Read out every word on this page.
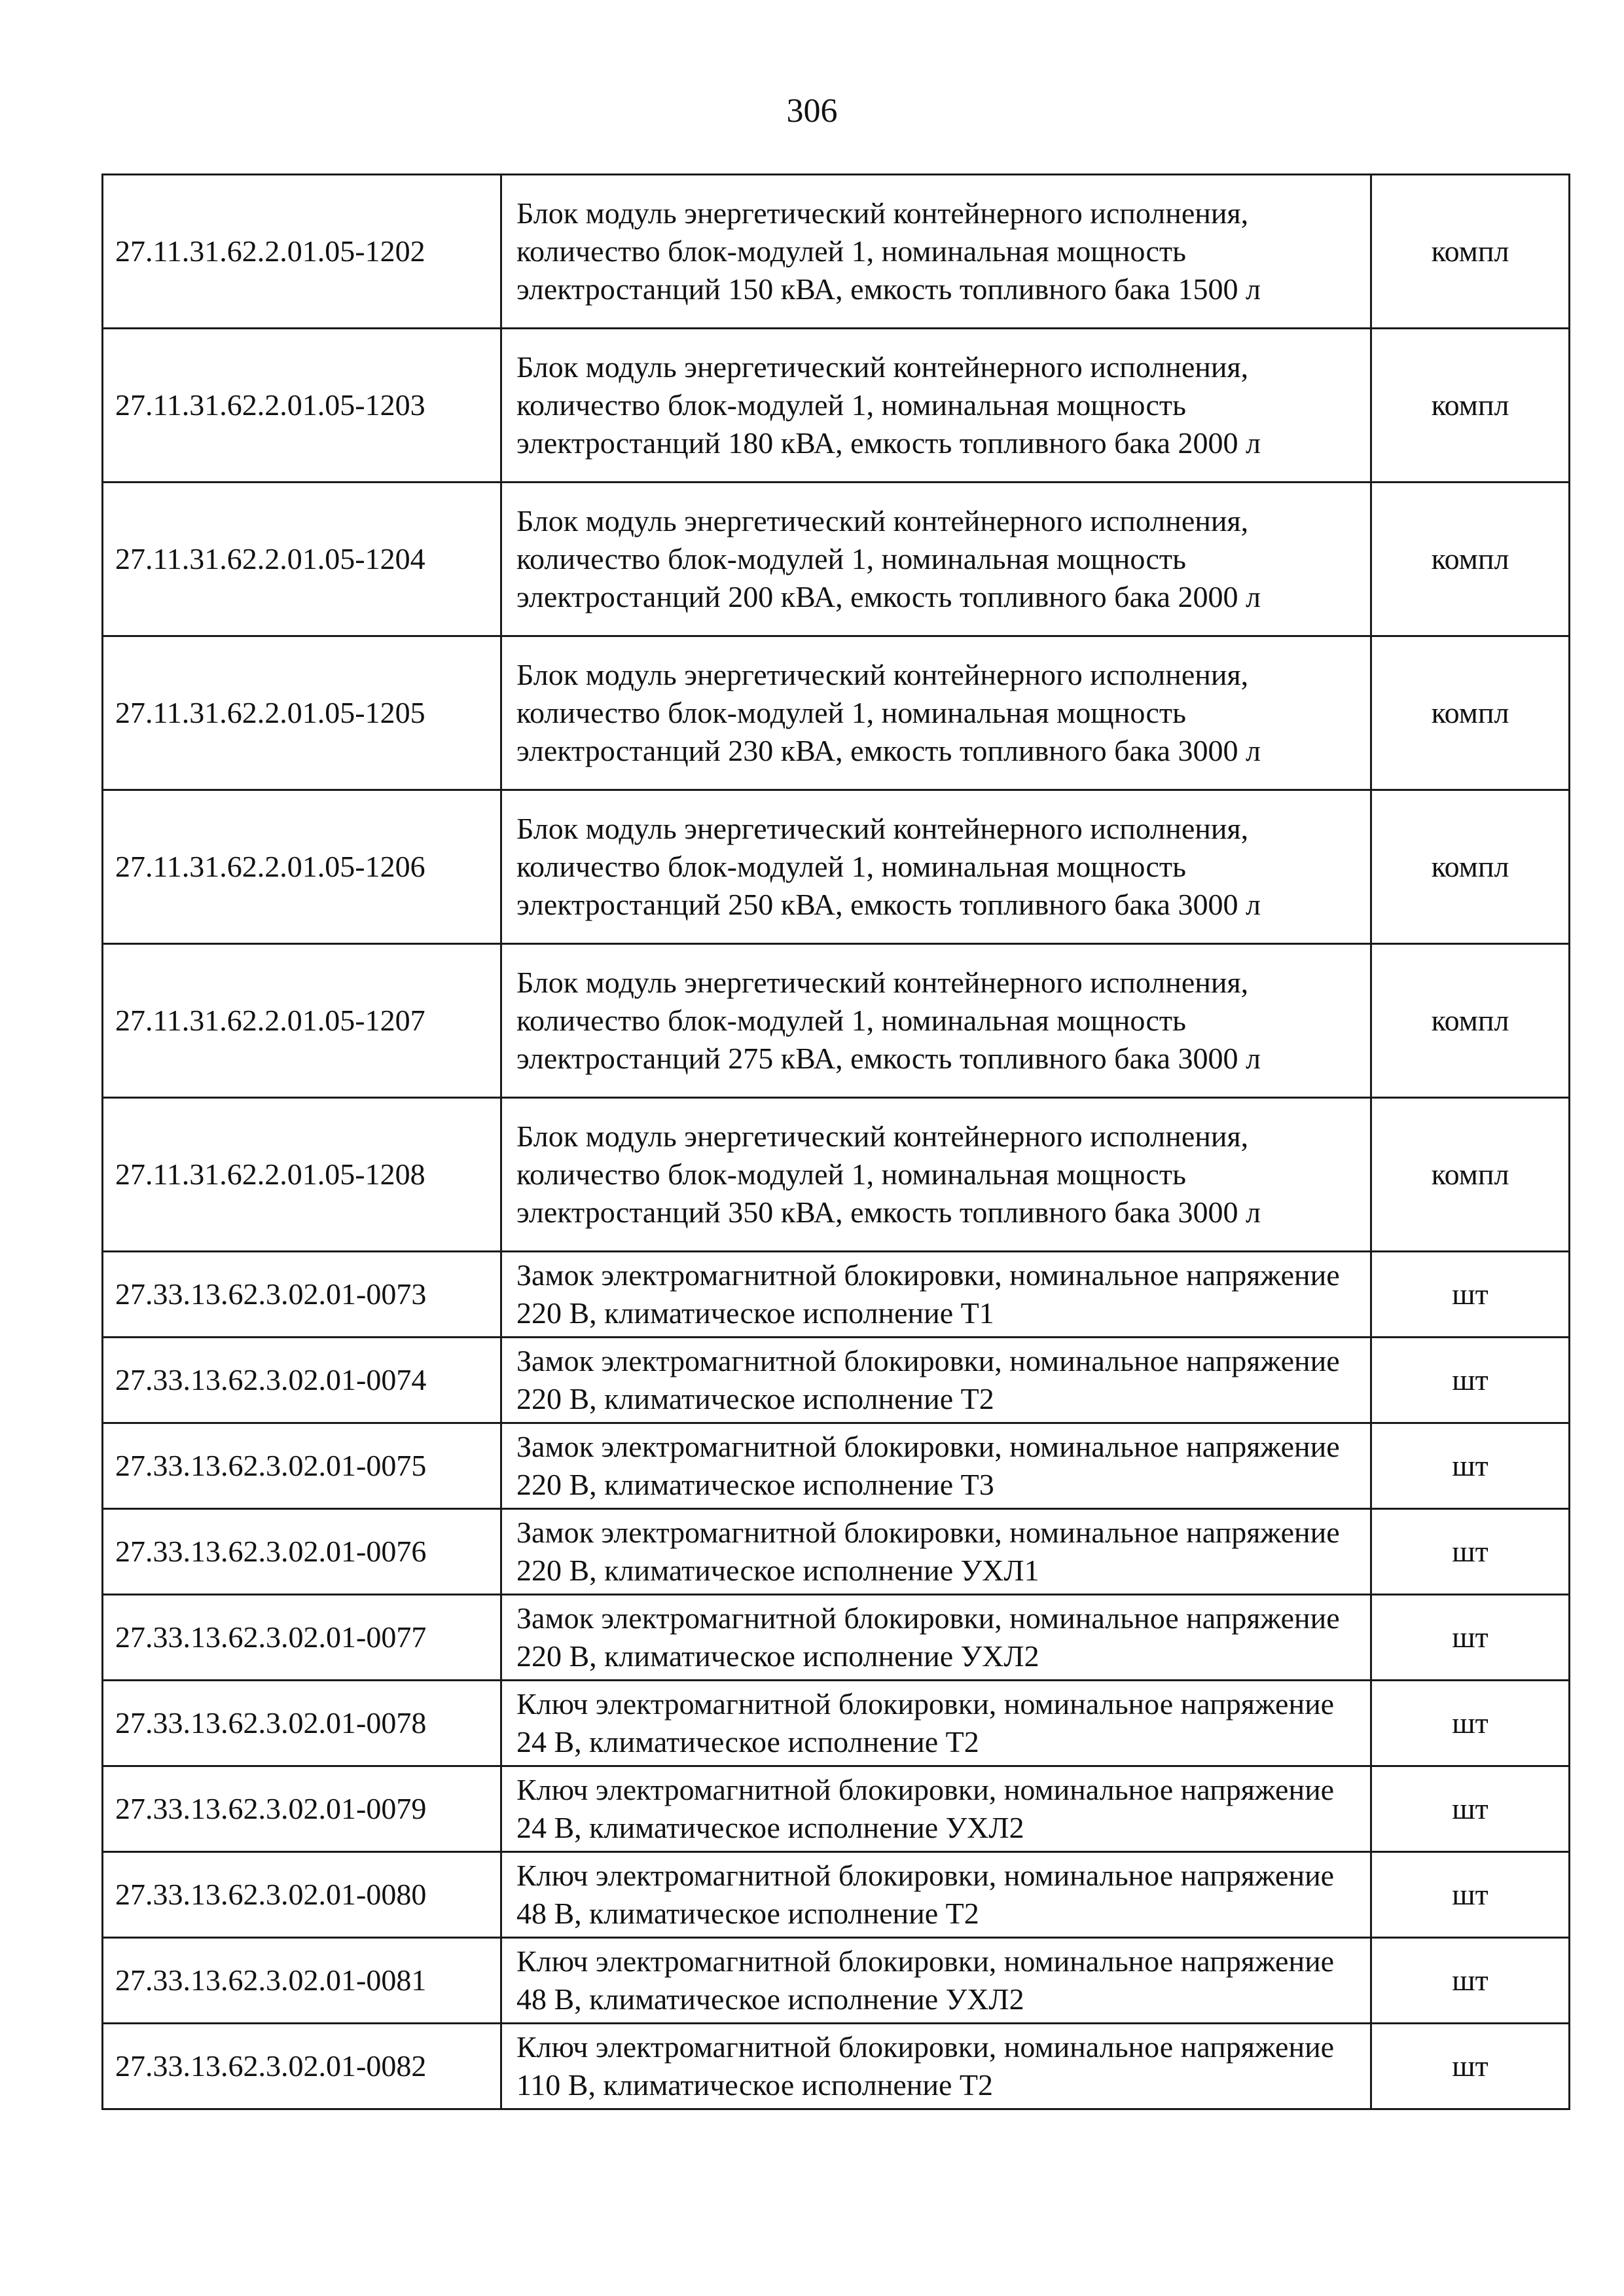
306
27.11.31.62.2.01.05-1202	Блок модуль энергетический контейнерного исполнения, количество блок-модулей 1, номинальная мощность электростанций 150 кВА, емкость топливного бака 1500 л	компл
27.11.31.62.2.01.05-1203	Блок модуль энергетический контейнерного исполнения, количество блок-модулей 1, номинальная мощность электростанций 180 кВА, емкость топливного бака 2000 л	компл
27.11.31.62.2.01.05-1204	Блок модуль энергетический контейнерного исполнения, количество блок-модулей 1, номинальная мощность электростанций 200 кВА, емкость топливного бака 2000 л	компл
27.11.31.62.2.01.05-1205	Блок модуль энергетический контейнерного исполнения, количество блок-модулей 1, номинальная мощность электростанций 230 кВА, емкость топливного бака 3000 л	компл
27.11.31.62.2.01.05-1206	Блок модуль энергетический контейнерного исполнения, количество блок-модулей 1, номинальная мощность электростанций 250 кВА, емкость топливного бака 3000 л	компл
27.11.31.62.2.01.05-1207	Блок модуль энергетический контейнерного исполнения, количество блок-модулей 1, номинальная мощность электростанций 275 кВА, емкость топливного бака 3000 л	компл
27.11.31.62.2.01.05-1208	Блок модуль энергетический контейнерного исполнения, количество блок-модулей 1, номинальная мощность электростанций 350 кВА, емкость топливного бака 3000 л	компл
27.33.13.62.3.02.01-0073	Замок электромагнитной блокировки, номинальное напряжение 220 В, климатическое исполнение Т1	шт
27.33.13.62.3.02.01-0074	Замок электромагнитной блокировки, номинальное напряжение 220 В, климатическое исполнение Т2	шт
27.33.13.62.3.02.01-0075	Замок электромагнитной блокировки, номинальное напряжение 220 В, климатическое исполнение Т3	шт
27.33.13.62.3.02.01-0076	Замок электромагнитной блокировки, номинальное напряжение 220 В, климатическое исполнение УХЛ1	шт
27.33.13.62.3.02.01-0077	Замок электромагнитной блокировки, номинальное напряжение 220 В, климатическое исполнение УХЛ2	шт
27.33.13.62.3.02.01-0078	Ключ электромагнитной блокировки, номинальное напряжение 24 В, климатическое исполнение Т2	шт
27.33.13.62.3.02.01-0079	Ключ электромагнитной блокировки, номинальное напряжение 24 В, климатическое исполнение УХЛ2	шт
27.33.13.62.3.02.01-0080	Ключ электромагнитной блокировки, номинальное напряжение 48 В, климатическое исполнение Т2	шт
27.33.13.62.3.02.01-0081	Ключ электромагнитной блокировки, номинальное напряжение 48 В, климатическое исполнение УХЛ2	шт
27.33.13.62.3.02.01-0082	Ключ электромагнитной блокировки, номинальное напряжение 110 В, климатическое исполнение Т2	шт
